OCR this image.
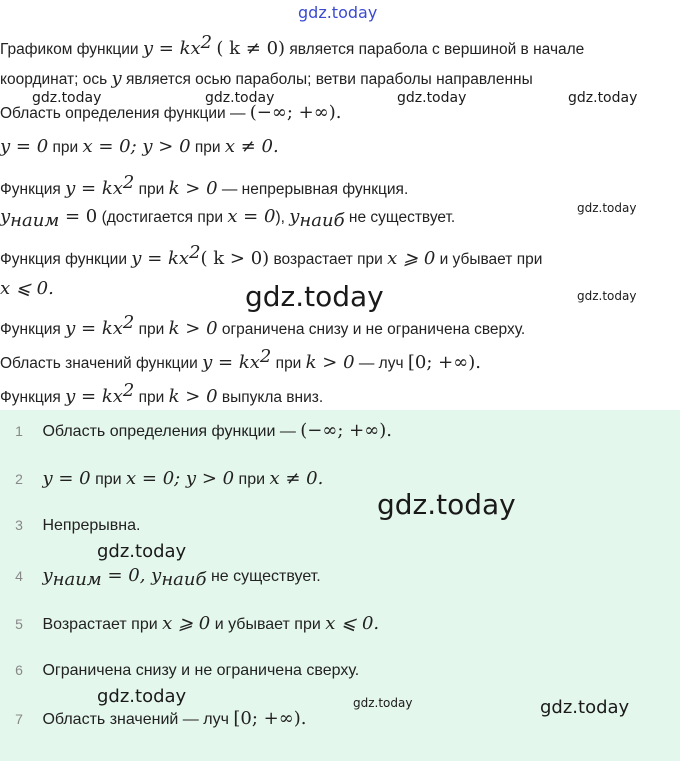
gdz.today
Графиком функции $y = kx^2$ ( k ≠ 0) является парабола с вершиной в начале
координат; ось y является осью параболы; ветви параболы направленны
Область определения функции — (−∞; +∞).
y = 0 при x = 0; y > 0 при x ≠ 0.
Функция $y = kx^2$ при k > 0 — непрерывная функция.
$y_{наим} = 0$ (достигается при x = 0), $y_{наиб}$ не существует.
Функция функции $y = kx^2$( k > 0) возрастает при x ⩾ 0 и убывает при
x ⩽ 0.
Функция $y = kx^2$ при k > 0 ограничена снизу и не ограничена сверху.
Область значений функции $y = kx^2$ при k > 0 — луч [0; +∞).
Функция $y = kx^2$ при k > 0 выпукла вниз.
gdz.today	gdz.today	gdz.today	gdz.today
gdz.today
gdz.today	gdz.today
1 Область определения функции — (−∞; +∞).
2 y = 0 при x = 0; y > 0 при x ≠ 0.
3 Непрерывна.
4 $y_{наим} = 0$, $y_{наиб}$ не существует.
5 Возрастает при x ⩾ 0 и убывает при x ⩽ 0.
6 Ограничена снизу и не ограничена сверху.
7 Область значений — луч [0; +∞).
gdz.today
gdz.today
gdz.today	gdz.today	gdz.today
